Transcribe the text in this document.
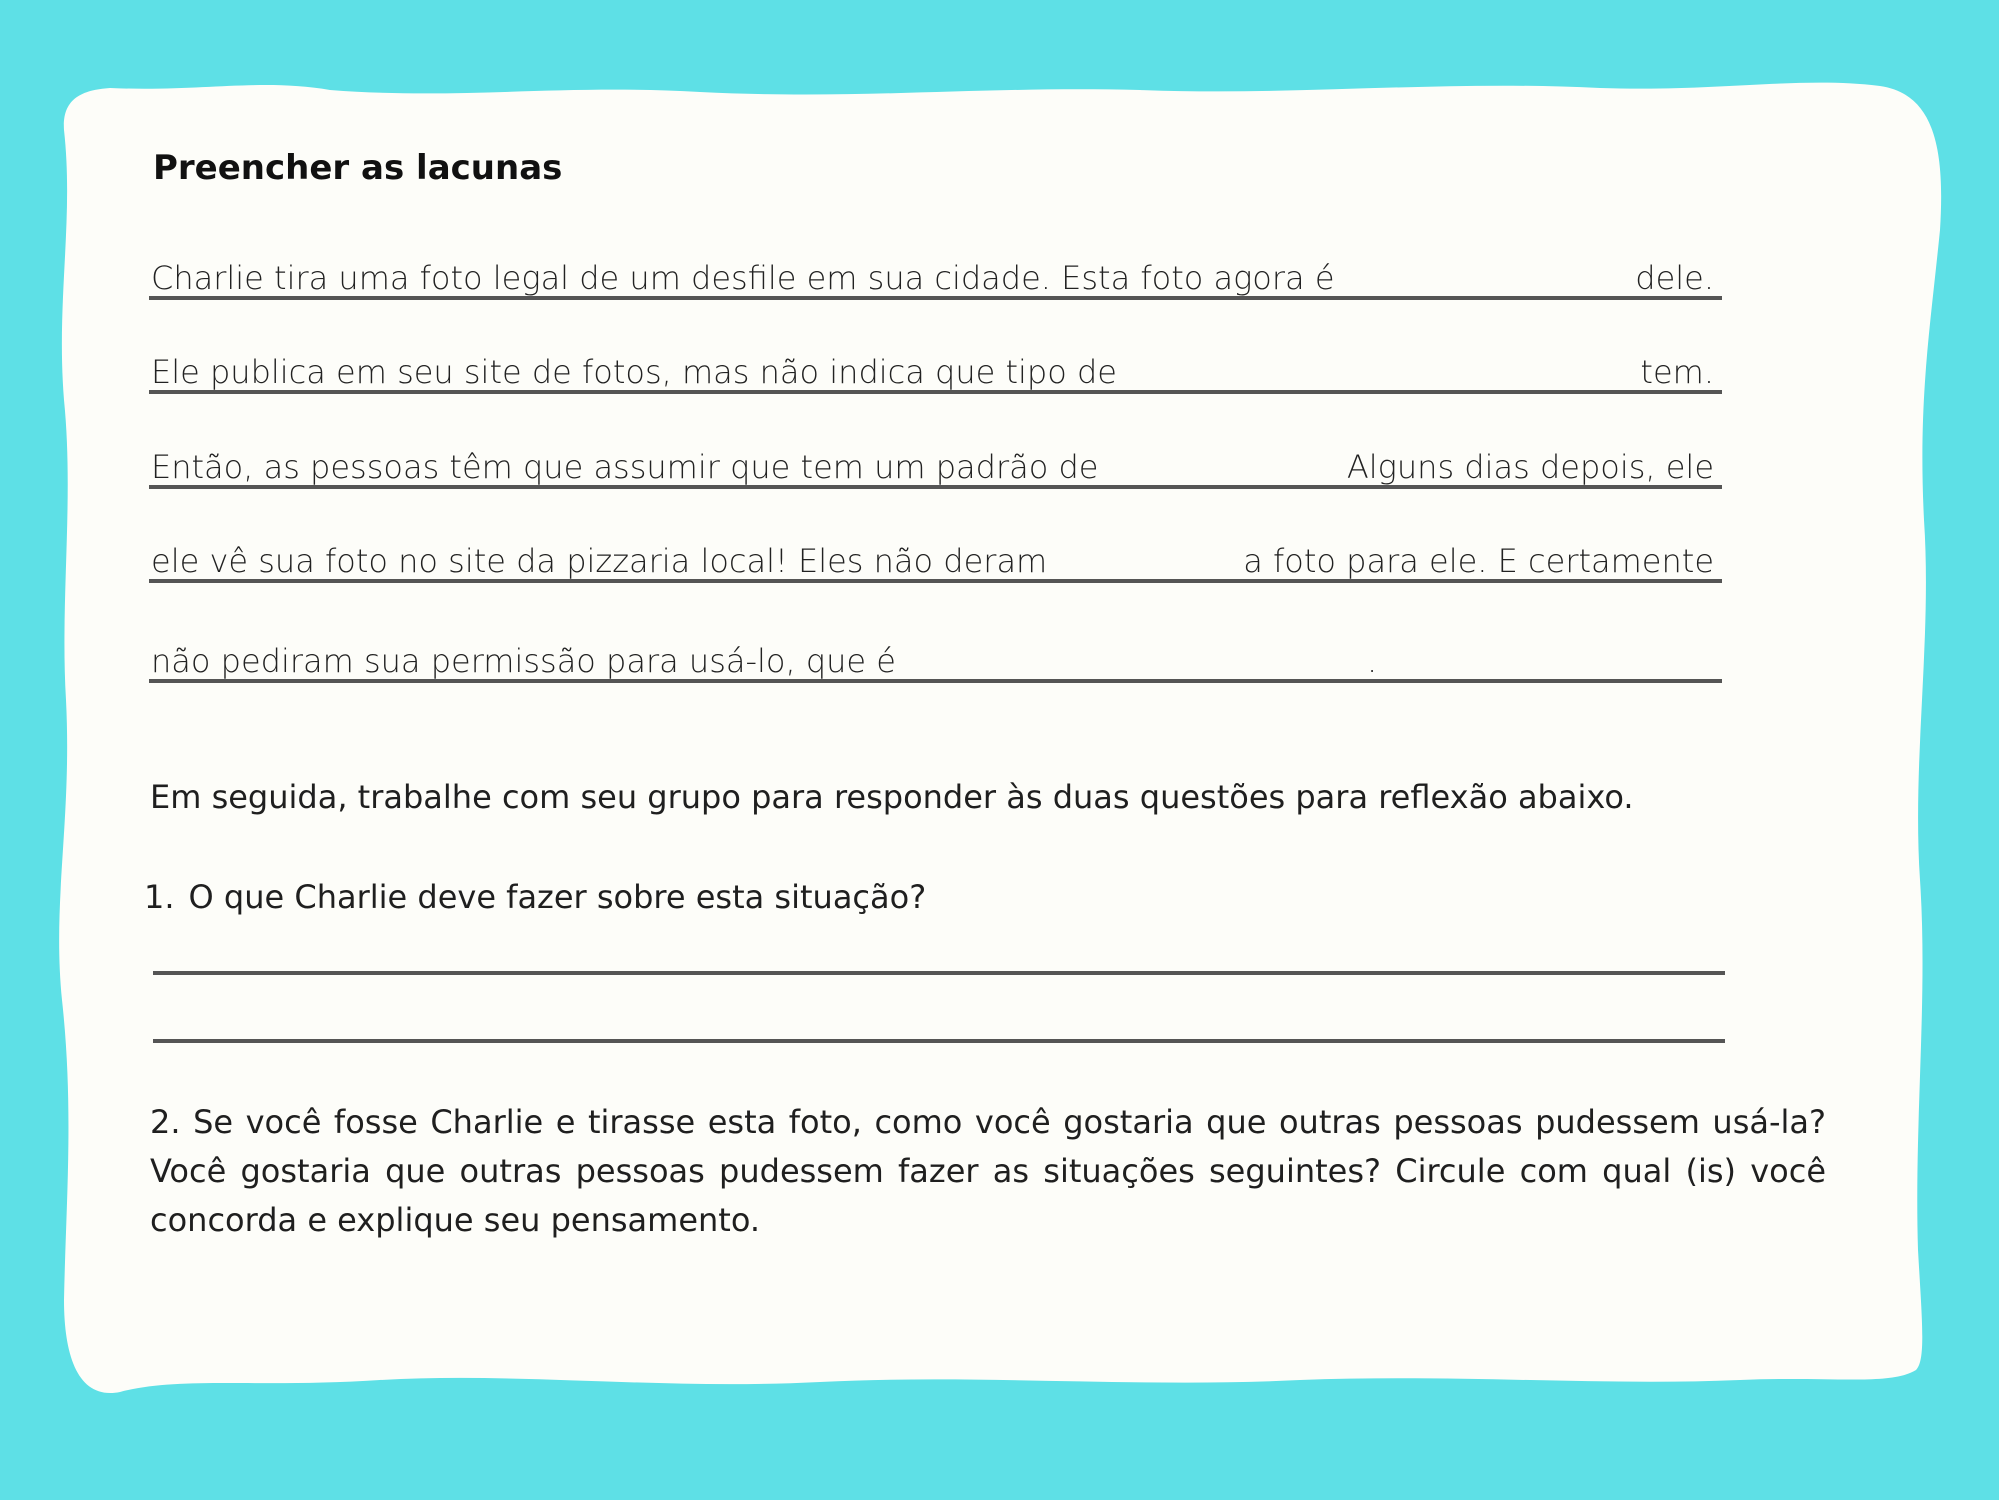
Preencher as lacunas
Charlie tira uma foto legal de um desfile em sua cidade. Esta foto agora é	dele.
Ele publica em seu site de fotos, mas não indica que tipo de	tem.
Então, as pessoas têm que assumir que tem um padrão de	Alguns dias depois, ele
ele vê sua foto no site da pizzaria local! Eles não deram	a foto para ele. E certamente
não pediram sua permissão para usá-lo, que é	.

Em seguida, trabalhe com seu grupo para responder às duas questões para reflexão abaixo.

1. O que Charlie deve fazer sobre esta situação?

2. Se você fosse Charlie e tirasse esta foto, como você gostaria que outras pessoas pudessem usá-la? Você gostaria que outras pessoas pudessem fazer as situações seguintes? Circule com qual (is) você concorda e explique seu pensamento.
